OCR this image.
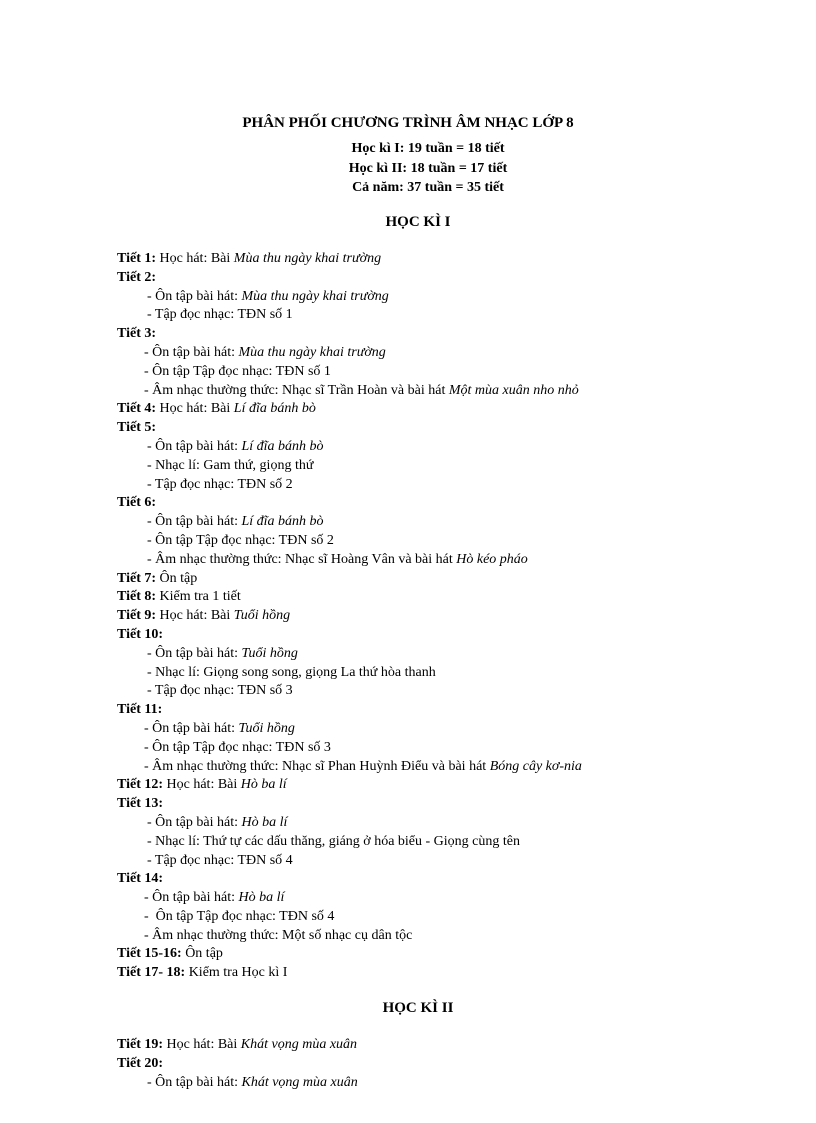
PHÂN PHỐI CHƯƠNG TRÌNH ÂM NHẠC LỚP 8
Học kì I: 19 tuần = 18 tiết
Học kì II: 18 tuần = 17 tiết
Cả năm: 37 tuần = 35 tiết
HỌC KÌ I
Tiết 1: Học hát: Bài Mùa thu ngày khai trường
Tiết 2:
- Ôn tập bài hát: Mùa thu ngày khai trường
- Tập đọc nhạc: TĐN số 1
Tiết 3:
- Ôn tập bài hát: Mùa thu ngày khai trường
- Ôn tập Tập đọc nhạc: TĐN số 1
- Âm nhạc thường thức: Nhạc sĩ Trần Hoàn và bài hát Một mùa xuân nho nhỏ
Tiết 4: Học hát: Bài Lí đĩa bánh bò
Tiết 5:
- Ôn tập bài hát: Lí đĩa bánh bò
- Nhạc lí: Gam thứ, giọng thứ
- Tập đọc nhạc: TĐN số 2
Tiết 6:
- Ôn tập bài hát: Lí đĩa bánh bò
- Ôn tập Tập đọc nhạc: TĐN số 2
- Âm nhạc thường thức: Nhạc sĩ Hoàng Vân và bài hát Hò kéo pháo
Tiết 7: Ôn tập
Tiết 8: Kiểm tra 1 tiết
Tiết 9: Học hát: Bài Tuổi hồng
Tiết 10:
- Ôn tập bài hát: Tuổi hồng
- Nhạc lí: Giọng song song, giọng La thứ hòa thanh
- Tập đọc nhạc: TĐN số 3
Tiết 11:
- Ôn tập bài hát: Tuổi hồng
- Ôn tập Tập đọc nhạc: TĐN số 3
- Âm nhạc thường thức: Nhạc sĩ Phan Huỳnh Điểu và bài hát Bóng cây kơ-nia
Tiết 12: Học hát: Bài Hò ba lí
Tiết 13:
- Ôn tập bài hát: Hò ba lí
- Nhạc lí: Thứ tự các dấu thăng, giáng ở hóa biểu - Giọng cùng tên
- Tập đọc nhạc: TĐN số 4
Tiết 14:
- Ôn tập bài hát: Hò ba lí
-  Ôn tập Tập đọc nhạc: TĐN số 4
- Âm nhạc thường thức: Một số nhạc cụ dân tộc
Tiết 15-16: Ôn tập
Tiết 17- 18: Kiểm tra Học kì I
HỌC KÌ II
Tiết 19: Học hát: Bài Khát vọng mùa xuân
Tiết 20:
- Ôn tập bài hát: Khát vọng mùa xuân
